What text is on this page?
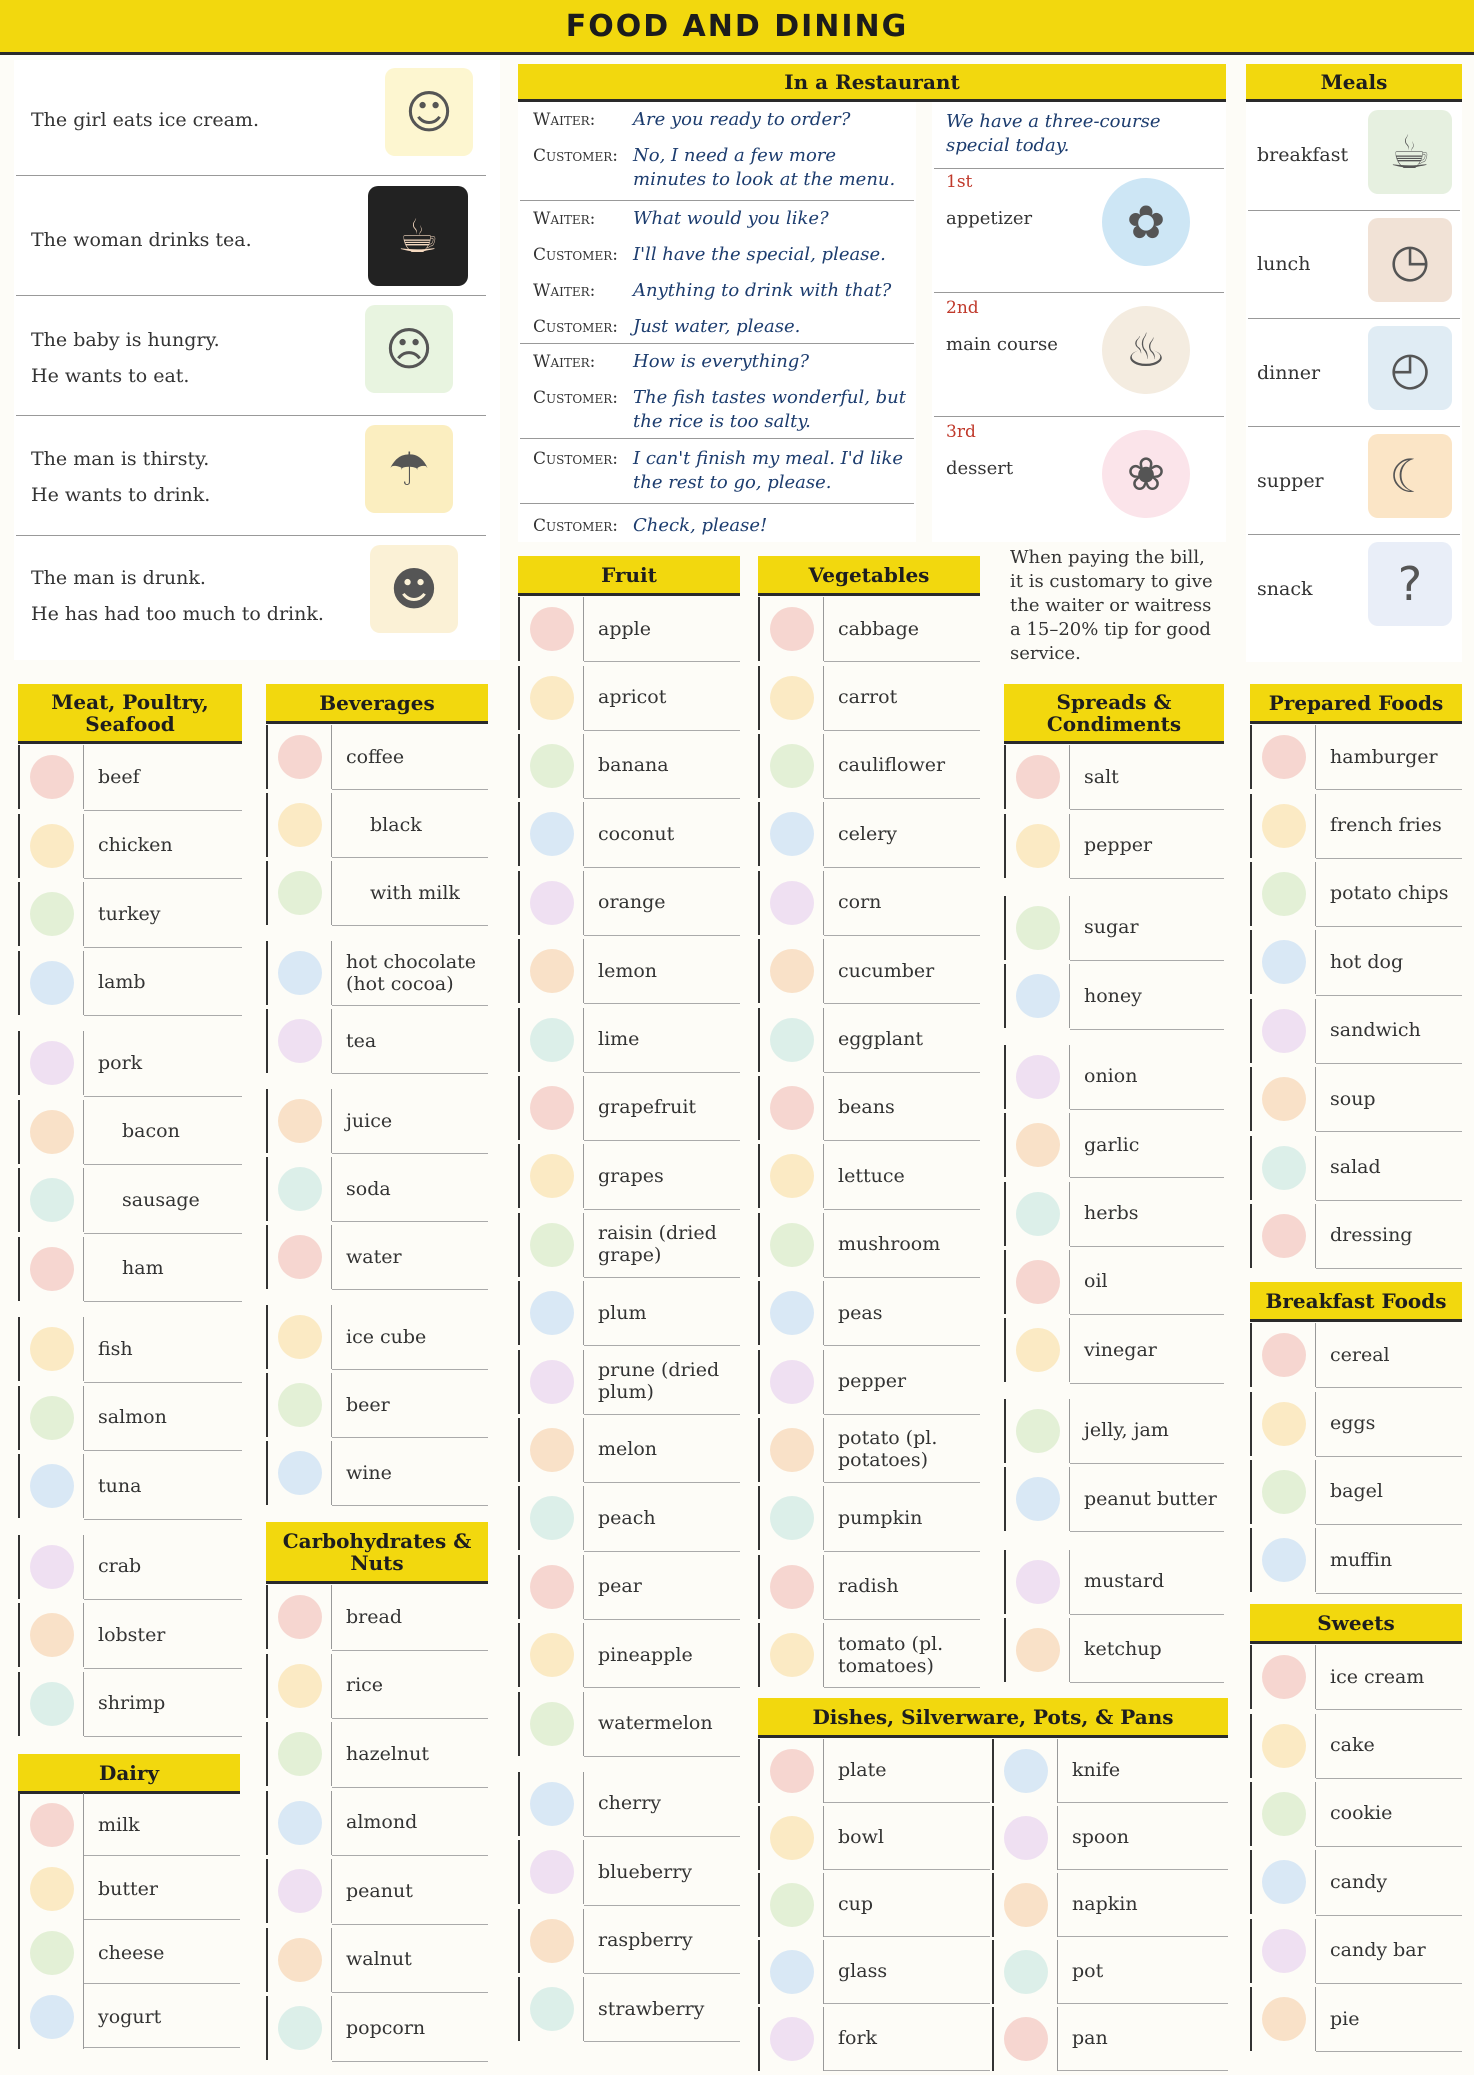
FOOD AND DINING
The girl eats ice cream.	☺
The woman drinks tea.	☕
The baby is hungry.
He wants to eat.	☹
The man is thirsty.
He wants to drink.	☂
The man is drunk.
He has had too much to drink.	☻
In a Restaurant
Waiter: Are you ready to order?
Customer: No, I need a few more minutes to look at the menu.
Waiter: What would you like?
Customer: I'll have the special, please.
Waiter: Anything to drink with that?
Customer: Just water, please.
Waiter: How is everything?
Customer: The fish tastes wonderful, but the rice is too salty.
Customer: I can't finish my meal. I'd like the rest to go, please.
Customer: Check, please!
We have a three-course special today.
1st
appetizer	✿
2nd
main course	♨
3rd
dessert	❀
When paying the bill, it is customary to give the waiter or waitress a 15–20% tip for good service.
Meals
breakfast ☕
lunch	◷
dinner	◴
supper	☾
snack	?
Meat, Poultry, Seafood
Dairy
Beverages
Carbohydrates & Nuts
Fruit	Vegetables
Spreads & Condiments
Prepared Foods
Breakfast Foods
Sweets
Dishes, Silverware, Pots, & Pans
beef
chicken
turkey
lamb
pork
bacon
sausage
ham
fish
salmon
tuna
crab
lobster
shrimp
milk
butter
cheese
yogurt
coffee
black
with milk
hot chocolate (hot cocoa)
tea
juice
soda
water
ice cube
beer
wine
bread
rice
hazelnut
almond
peanut
walnut
popcorn
apple
apricot
banana
coconut
orange
lemon
lime
grapefruit
grapes
raisin (dried grape)
plum
prune (dried plum)
melon
peach
pear
pineapple
watermelon
cherry
blueberry
raspberry
strawberry
cabbage
carrot
cauliflower
celery
corn
cucumber
eggplant
beans
lettuce
mushroom
peas
pepper
potato (pl. potatoes)
pumpkin
radish
tomato (pl. tomatoes)
salt
pepper
sugar
honey
onion
garlic
herbs
oil
vinegar
jelly, jam
peanut butter
mustard
ketchup
hamburger
french fries
potato chips
hot dog
sandwich
soup
salad
dressing
cereal
eggs
bagel
muffin
ice cream
cake
cookie
candy
candy bar
pie
plate
bowl
cup
glass
fork
knife
spoon
napkin
pot
pan
